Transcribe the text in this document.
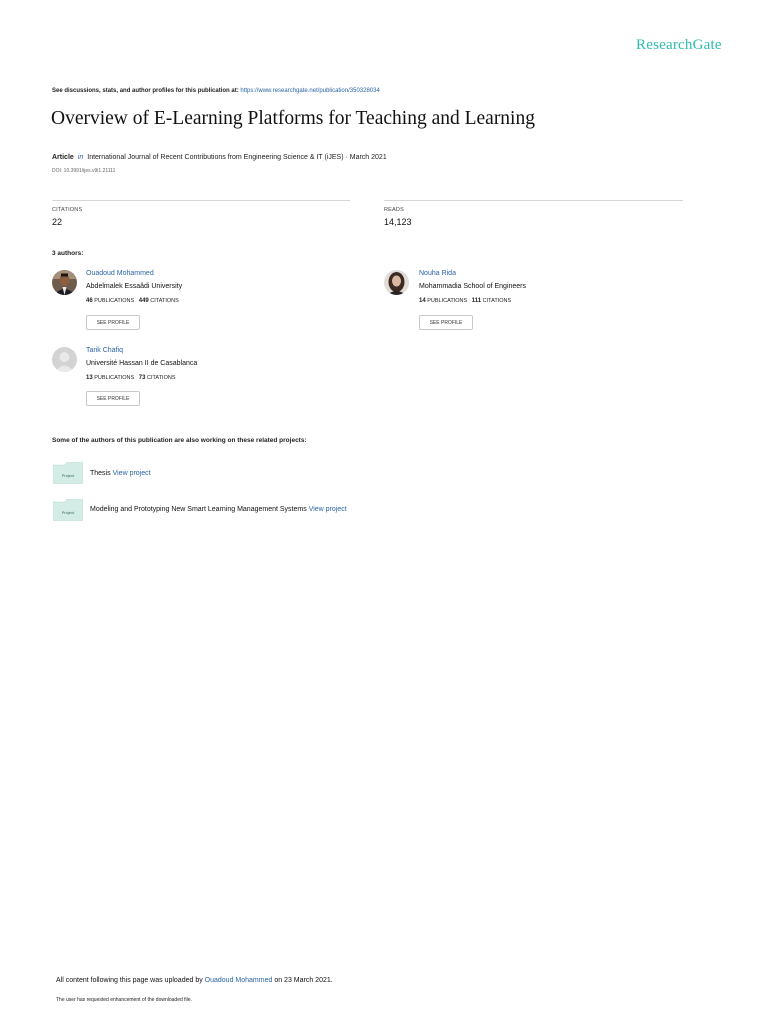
ResearchGate
See discussions, stats, and author profiles for this publication at: https://www.researchgate.net/publication/350328034
Overview of E-Learning Platforms for Teaching and Learning
Article in International Journal of Recent Contributions from Engineering Science & IT (iJES) · March 2021
DOI: 10.3991/ijes.v9i1.21111
CITATIONS
22
READS
14,123
3 authors:
Ouadoud Mohammed
Abdelmalek Essaâdi University
46 PUBLICATIONS 449 CITATIONS
SEE PROFILE
Nouha Rida
Mohammadia School of Engineers
14 PUBLICATIONS 111 CITATIONS
SEE PROFILE
Tarik Chafiq
Université Hassan II de Casablanca
13 PUBLICATIONS 73 CITATIONS
SEE PROFILE
Some of the authors of this publication are also working on these related projects:
Project Thesis View project
Project Modeling and Prototyping New Smart Learning Management Systems View project
All content following this page was uploaded by Ouadoud Mohammed on 23 March 2021.
The user has requested enhancement of the downloaded file.
